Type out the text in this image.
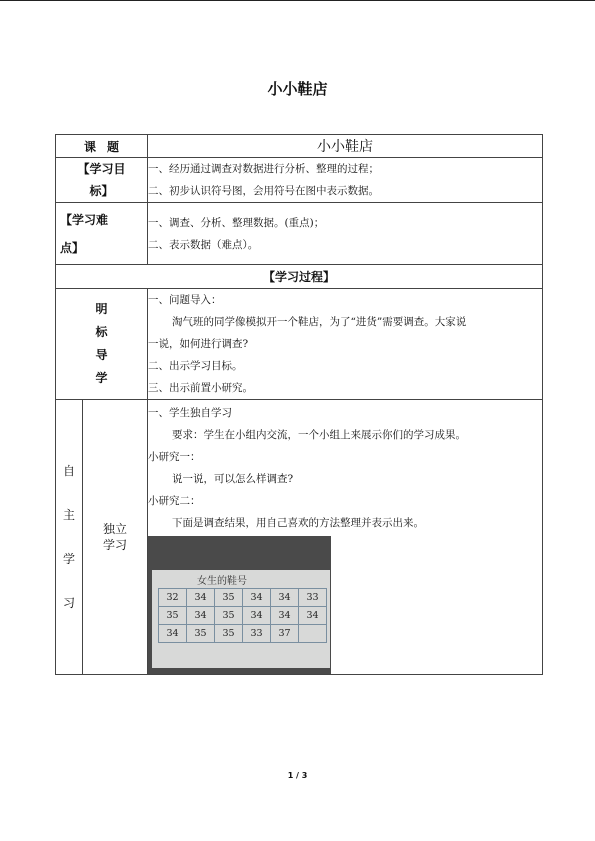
小小鞋店
课 题	小小鞋店

【学习目
标】

一、经历通过调查对数据进行分析、整理的过程；
二、初步认识符号图，会用符号在图中表示数据。

【学习难
点】

一、调查、分析、整理数据。(重点)；
二、表示数据（难点）。

【学习过程】

明
标
导
学

一、问题导入：
淘气班的同学像模拟开一个鞋店，为了“进货”需要调查。大家说
一说，如何进行调查?
二、出示学习目标。
三、出示前置小研究。

自
主
学
习

独立
学习

一、学生独自学习
要求：学生在小组内交流，一个小组上来展示你们的学习成果。
小研究一：
说一说，可以怎么样调查?
小研究二：
下面是调查结果，用自己喜欢的方法整理并表示出来。
女生的鞋号
32	34	35	34	34	33
35	34	35	34	34	34
34	35	35	33	37	
1 / 3
